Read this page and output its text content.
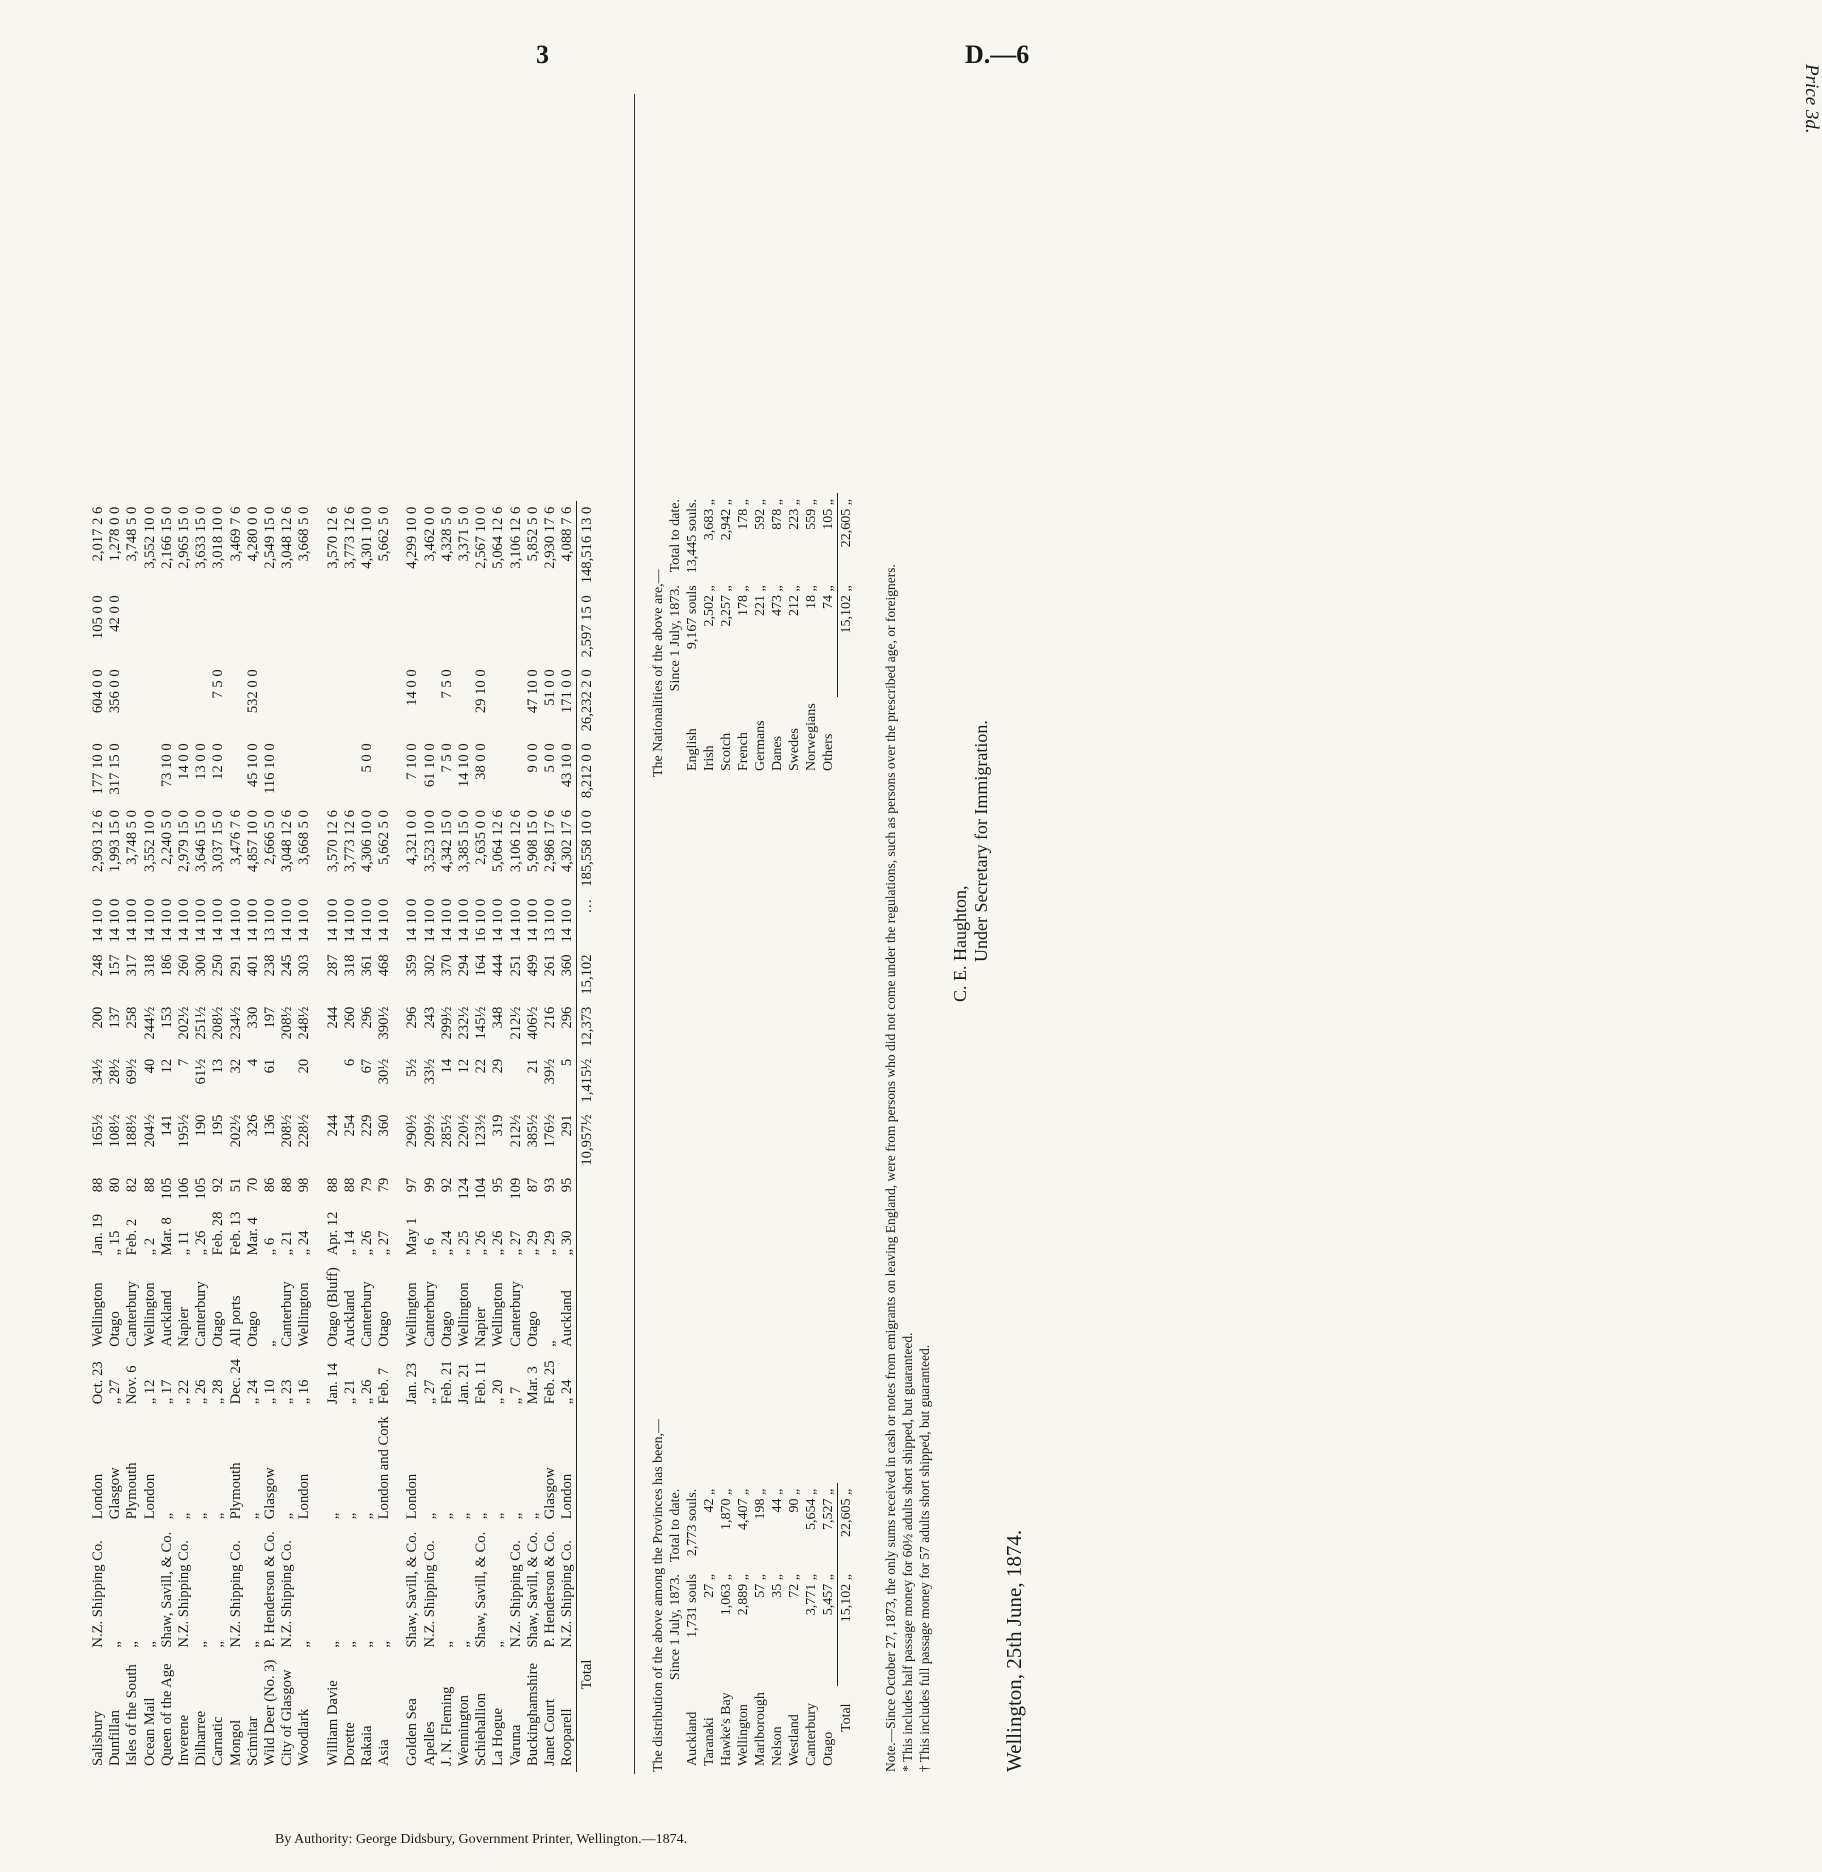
3	D.—6
Salisbury	N.Z. Shipping Co.	London	Oct. 23	Wellington	Jan. 19	88	165½	34½	200	248	14 10 0	2,903 12 6	177 10 0	604 0 0	105 0 0	2,017 2 6
Dunfillan	„	Glasgow	„ 27	Otago	„ 15	80	108½	28½	137	157	14 10 0	1,993 15 0	317 15 0	356 0 0	42 0 0	1,278 0 0
Isles of the South	„	Plymouth	Nov. 6	Canterbury	Feb. 2	82	188½	69½	258	317	14 10 0	3,748 5 0				3,748 5 0
Ocean Mail	„	London	„ 12	Wellington	„ 2	88	204½	40	244½	318	14 10 0	3,552 10 0				3,552 10 0
Queen of the Age	Shaw, Savill, & Co.	„	„ 17	Auckland	Mar. 8	105	141	12	153	186	14 10 0	2,240 5 0	73 10 0			2,166 15 0
Inverene	N.Z. Shipping Co.	„	„ 22	Napier	„ 11	106	195½	7	202½	260	14 10 0	2,979 15 0	14 0 0			2,965 15 0
Dilharree	„	„	„ 26	Canterbury	„ 26	105	190	61½	251½	300	14 10 0	3,646 15 0	13 0 0			3,633 15 0
Carnatic	„	„	„ 28	Otago	Feb. 28	92	195	13	208½	250	14 10 0	3,037 15 0	12 0 0	7 5 0		3,018 10 0
Mongol	N.Z. Shipping Co.	Plymouth	Dec. 24	All ports	Feb. 13	51	202½	32	234½	291	14 10 0	3,476 7 6				3,469 7 6
Scimitar	„	„	„ 24	Otago	Mar. 4	70	326	4	330	401	14 10 0	4,857 10 0	45 10 0	532 0 0		4,280 0 0
Wild Deer (No. 3)	P. Henderson & Co.	Glasgow	„ 10	„	„ 6	86	136	61	197	238	13 10 0	2,666 5 0	116 10 0			2,549 15 0
City of Glasgow	N.Z. Shipping Co.	„	„ 23	Canterbury	„ 21	88	208½		208½	245	14 10 0	3,048 12 6				3,048 12 6
Woodlark	„	London	„ 16	Wellington	„ 24	98	228½	20	248½	303	14 10 0	3,668 5 0				3,668 5 0

William Davie	„	„	Jan. 14	Otago (Bluff)	Apr. 12	88	244		244	287	14 10 0	3,570 12 6				3,570 12 6
Dorette	„	„	„ 21	Auckland	„ 14	88	254	6	260	318	14 10 0	3,773 12 6				3,773 12 6
Rakaia	„	„	„ 26	Canterbury	„ 26	79	229	67	296	361	14 10 0	4,306 10 0	5 0 0			4,301 10 0
Asia	„	London and Cork	Feb. 7	Otago	„ 27	79	360	30½	390½	468	14 10 0	5,662 5 0				5,662 5 0

Golden Sea	Shaw, Savill, & Co.	London	Jan. 23	Wellington	May 1	97	290½	5½	296	359	14 10 0	4,321 0 0	7 10 0	14 0 0		4,299 10 0
Apelles	N.Z. Shipping Co.	„	„ 27	Canterbury	„ 6	99	209½	33½	243	302	14 10 0	3,523 10 0	61 10 0			3,462 0 0
J. N. Fleming	„	„	Feb. 21	Otago	„ 24	92	285½	14	299½	370	14 10 0	4,342 15 0	7 5 0	7 5 0		4,328 5 0
Wennington	„	„	Jan. 21	Wellington	„ 25	124	220½	12	232½	294	14 10 0	3,385 15 0	14 10 0			3,371 5 0
Schiehallion	Shaw, Savill, & Co.	„	Feb. 11	Napier	„ 26	104	123½	22	145½	164	16 10 0	2,635 0 0	38 0 0	29 10 0		2,567 10 0
La Hogue	„	„	„ 20	Wellington	„ 26	95	319	29	348	444	14 10 0	5,064 12 6				5,064 12 6
Varuna	N.Z. Shipping Co.	„	„ 7	Canterbury	„ 27	109	212½		212½	251	14 10 0	3,106 12 6				3,106 12 6
Buckinghamshire	Shaw, Savill, & Co.	„	Mar. 3	Otago	„ 29	87	385½	21	406½	499	14 10 0	5,908 15 0	9 0 0	47 10 0		5,852 5 0
Janet Court	P. Henderson & Co.	Glasgow	Feb. 25	„	„ 29	93	176½	39½	216	261	13 10 0	2,986 17 6	5 0 0	51 0 0		2,930 17 6
Rooparell	N.Z. Shipping Co.	London	„ 24	Auckland	„ 30	95	291	5	296	360	14 10 0	4,302 17 6	43 10 0	171 0 0		4,088 7 6
Total							10,957½	1,415½	12,373	15,102	…	185,558 10 0	8,212 0 0	26,232 2 0	2,597 15 0	148,516 13 0
The distribution of the above among the Provinces has been,—
	Since 1 July, 1873.	Total to date.
Auckland	1,731 souls	2,773 souls.
Taranaki	27 „	42 „
Hawke's Bay	1,063 „	1,870 „
Wellington	2,889 „	4,407 „
Marlborough	57 „	198 „
Nelson	35 „	44 „
Westland	72 „	90 „
Canterbury	3,771 „	5,654 „
Otago	5,457 „	7,527 „
Total	15,102 „	22,605 „
The Nationalities of the above are,—
	Since 1 July, 1873.	Total to date.
English	9,167 souls	13,445 souls.
Irish	2,502 „	3,683 „
Scotch	2,257 „	2,942 „
French	178 „	178 „
Germans	221 „	592 „
Danes	473 „	878 „
Swedes	212 „	223 „
Norwegians	18 „	559 „
Others	74 „	105 „
	15,102 „	22,605 „

Note.—Since October 27, 1873, the only sums received in cash or notes from emigrants on leaving England, were from persons who did not come under the regulations, such as persons over the prescribed age, or foreigners. * This includes half passage money for 60½ adults short shipped, but guaranteed. † This includes full passage money for 57 adults short shipped, but guaranteed.

C. E. Haughton, Under Secretary for Immigration.
Wellington, 25th June, 1874.
Price 3d.
By Authority: George Didsbury, Government Printer, Wellington.—1874.
